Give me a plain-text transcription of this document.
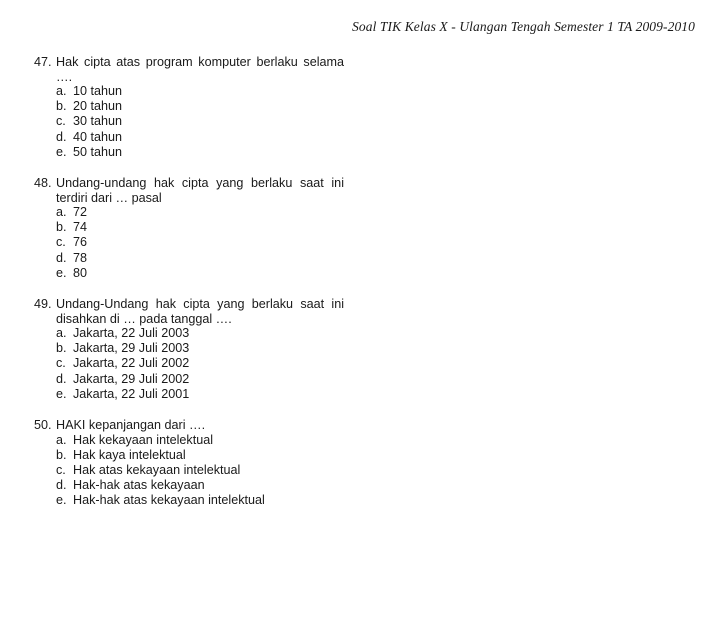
Soal TIK Kelas X - Ulangan Tengah Semester 1 TA 2009-2010
47. Hak cipta atas program komputer berlaku selama ….
a. 10 tahun
b. 20 tahun
c. 30 tahun
d. 40 tahun
e. 50 tahun
48. Undang-undang hak cipta yang berlaku saat ini terdiri dari … pasal
a. 72
b. 74
c. 76
d. 78
e. 80
49. Undang-Undang hak cipta yang berlaku saat ini disahkan di … pada tanggal ….
a. Jakarta, 22 Juli 2003
b. Jakarta, 29 Juli 2003
c. Jakarta, 22 Juli 2002
d. Jakarta, 29 Juli 2002
e. Jakarta, 22 Juli 2001
50. HAKI kepanjangan dari ….
a. Hak kekayaan intelektual
b. Hak kaya intelektual
c. Hak atas kekayaan intelektual
d. Hak-hak atas kekayaan
e. Hak-hak atas kekayaan intelektual
